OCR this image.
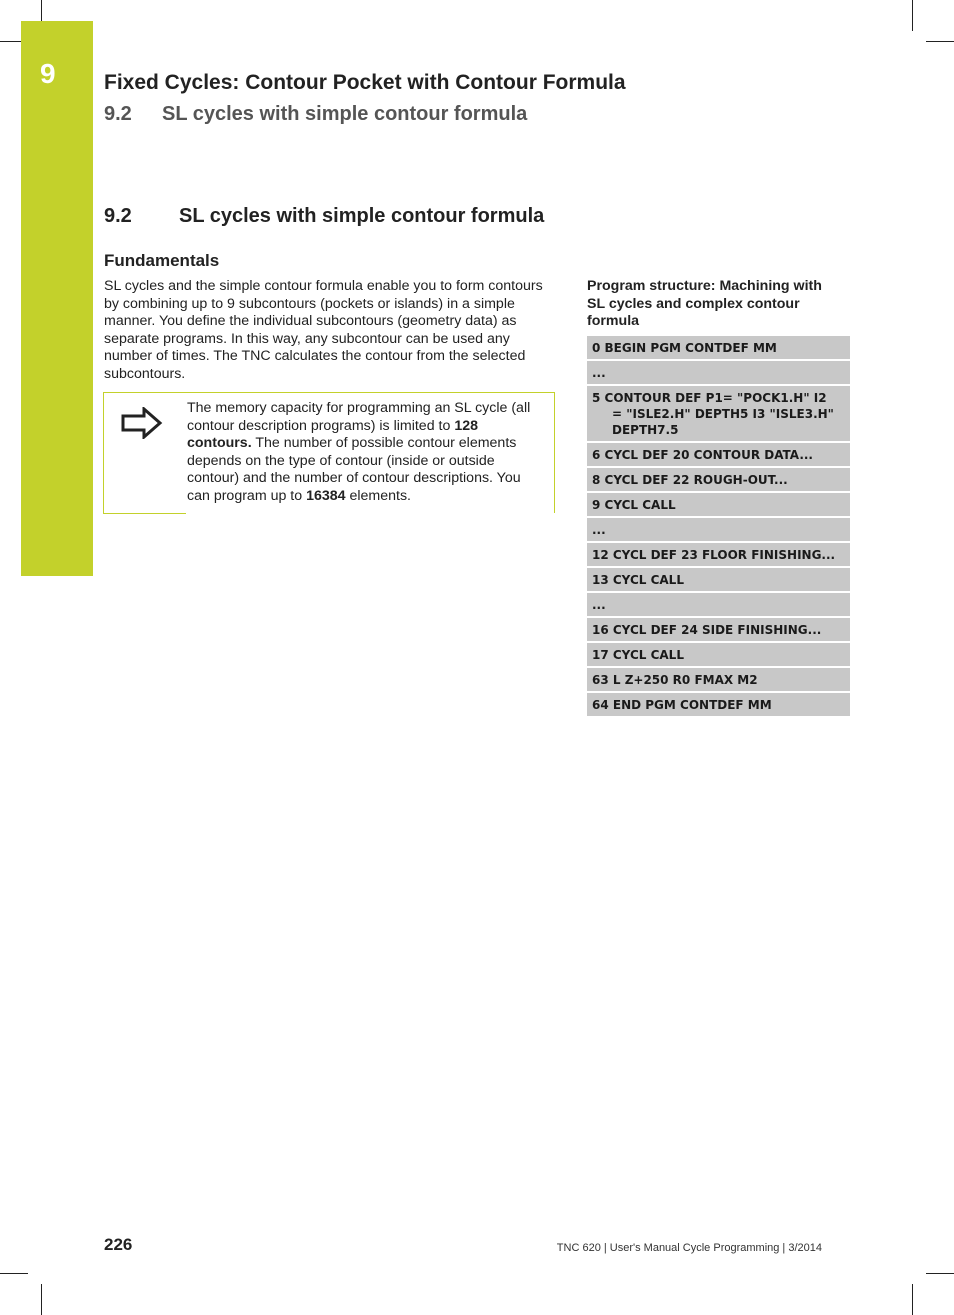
9	Fixed Cycles: Contour Pocket with Contour Formula
9.2 SL cycles with simple contour formula
9.2 SL cycles with simple contour formula
Fundamentals
SL cycles and the simple contour formula enable you to form contours by combining up to 9 subcontours (pockets or islands) in a simple manner. You define the individual subcontours (geometry data) as separate programs. In this way, any subcontour can be used any number of times. The TNC calculates the contour from the selected subcontours.
The memory capacity for programming an SL cycle (all contour description programs) is limited to 128 contours. The number of possible contour elements depends on the type of contour (inside or outside contour) and the number of contour descriptions. You can program up to 16384 elements.
Program structure: Machining with SL cycles and complex contour formula
0 BEGIN PGM CONTDEF MM
...
5 CONTOUR DEF P1= "POCK1.H" I2
= "ISLE2.H" DEPTH5 I3 "ISLE3.H" DEPTH7.5
6 CYCL DEF 20 CONTOUR DATA...
8 CYCL DEF 22 ROUGH-OUT...
9 CYCL CALL
...
12 CYCL DEF 23 FLOOR FINISHING...
13 CYCL CALL
...
16 CYCL DEF 24 SIDE FINISHING...
17 CYCL CALL
63 L Z+250 R0 FMAX M2
64 END PGM CONTDEF MM
226	TNC 620 | User's Manual Cycle Programming | 3/2014
